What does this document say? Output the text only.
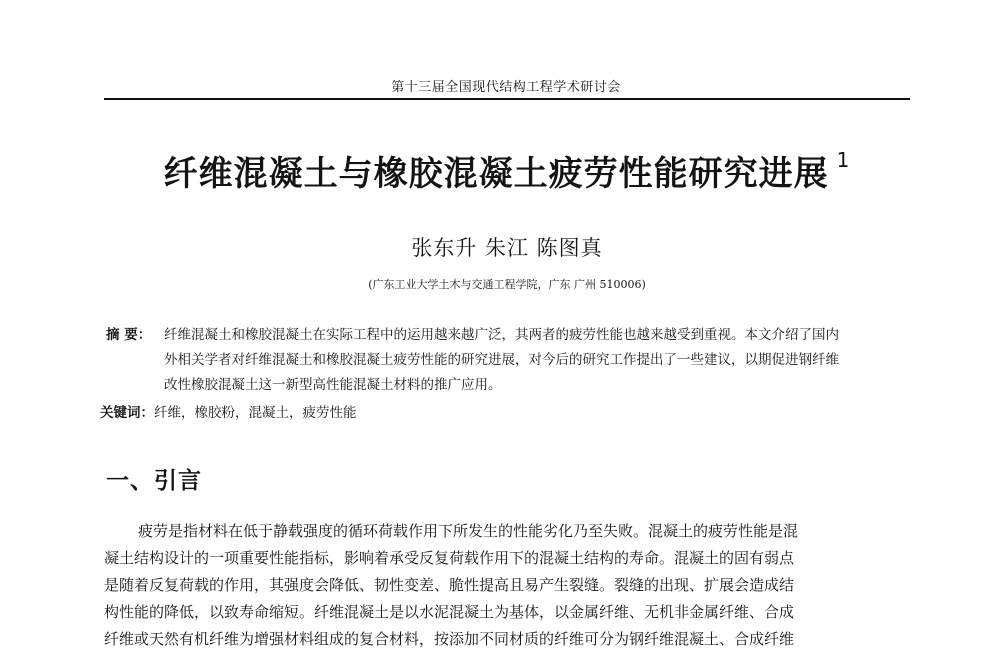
第十三届全国现代结构工程学术研讨会
纤维混凝土与橡胶混凝土疲劳性能研究进展 $^1$
张东升 朱江 陈图真
(广东工业大学土木与交通工程学院，广东 广州 510006)
摘 要： 纤维混凝土和橡胶混凝土在实际工程中的运用越来越广泛，其两者的疲劳性能也越来越受到重视。本文介绍了国内
外相关学者对纤维混凝土和橡胶混凝土疲劳性能的研究进展，对今后的研究工作提出了一些建议，以期促进钢纤维
改性橡胶混凝土这一新型高性能混凝土材料的推广应用。
关键词：纤维，橡胶粉，混凝土，疲劳性能
一、引言
疲劳是指材料在低于静载强度的循环荷载作用下所发生的性能劣化乃至失败。混凝土的疲劳性能是混
凝土结构设计的一项重要性能指标，影响着承受反复荷载作用下的混凝土结构的寿命。混凝土的固有弱点
是随着反复荷载的作用，其强度会降低、韧性变差、脆性提高且易产生裂缝。裂缝的出现、扩展会造成结
构性能的降低，以致寿命缩短。纤维混凝土是以水泥混凝土为基体，以金属纤维、无机非金属纤维、合成
纤维或天然有机纤维为增强材料组成的复合材料，按添加不同材质的纤维可分为钢纤维混凝土、合成纤维
